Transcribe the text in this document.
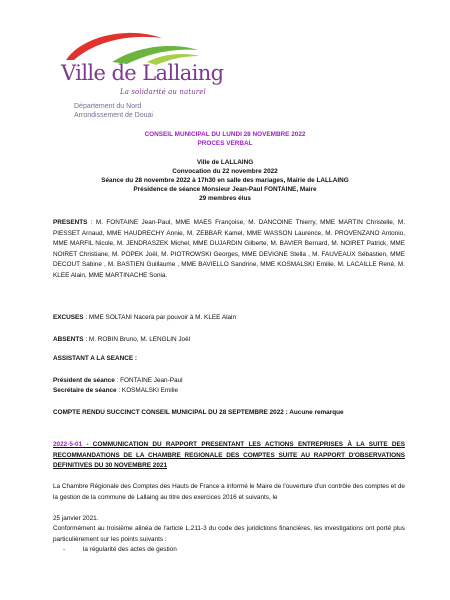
Ville de Lallaing
La solidarité au naturel
Département du Nord
Arrondissement de Douai
CONSEIL MUNICIPAL DU LUNDI 28 NOVEMBRE 2022
PROCES VERBAL
Ville de LALLAING
Convocation du 22 novembre 2022
Séance du 28 novembre 2022 à 17h30 en salle des mariages, Mairie de LALLAING
Présidence de séance Monsieur Jean-Paul FONTAINE, Maire
29 membres élus
PRESENTS : M. FONTAINE Jean-Paul, MME MAES Françoise, M. DANCOINE Thierry, MME MARTIN Christelle, M. PIESSET Arnaud, MME HAUDRECHY Annie, M. ZEBBAR Kamel, MME WASSON Laurence, M. PROVENZANO Antonio, MME MARFIL Nicole, M. JENDRASZEK Michel, MME DUJARDIN Gilberte, M. BAVIER Bernard, M. NOIRET Patrick, MME NOIRET Christiane, M. POPEK Joël, M. PIOTROWSKI Georges, MME DEVIGNE Stella , M. FAUVEAUX Sébastien, MME DECOUT Sabine , M. BASTIEN Guillaume , MME BAVIELLO Sandrine, MME KOSMALSKI Emilie, M. LACAILLE René, M. KLEE Alain, MME MARTINACHE Sonia.
EXCUSES : MME SOLTANI Nacera par pouvoir à M. KLEE Alain
ABSENTS : M. ROBIN Bruno, M. LENGLIN Joël
ASSISTANT A LA SEANCE :
Président de séance : FONTAINE Jean-Paul
Secrétaire de séance : KOSMALSKI Emilie
COMPTE RENDU SUCCINCT CONSEIL MUNICIPAL DU 28 SEPTEMBRE 2022 : Aucune remarque
2022-5-01 - COMMUNICATION DU RAPPORT PRESENTANT LES ACTIONS ENTREPRISES À LA SUITE DES RECOMMANDATIONS DE LA CHAMBRE REGIONALE DES COMPTES SUITE AU RAPPORT D'OBSERVATIONS DEFINITIVES DU 30 NOVEMBRE 2021
La Chambre Régionale des Comptes des Hauts de France a informé le Maire de l'ouverture d'un contrôle des comptes et de la gestion de la commune de Lallaing au titre des exercices 2016 et suivants, le
25 janvier 2021.
Conformément au troisième alinéa de l'article L.211-3 du code des juridictions financières, les investigations ont porté plus particulièrement sur les points suivants :
-	la régularité des actes de gestion
